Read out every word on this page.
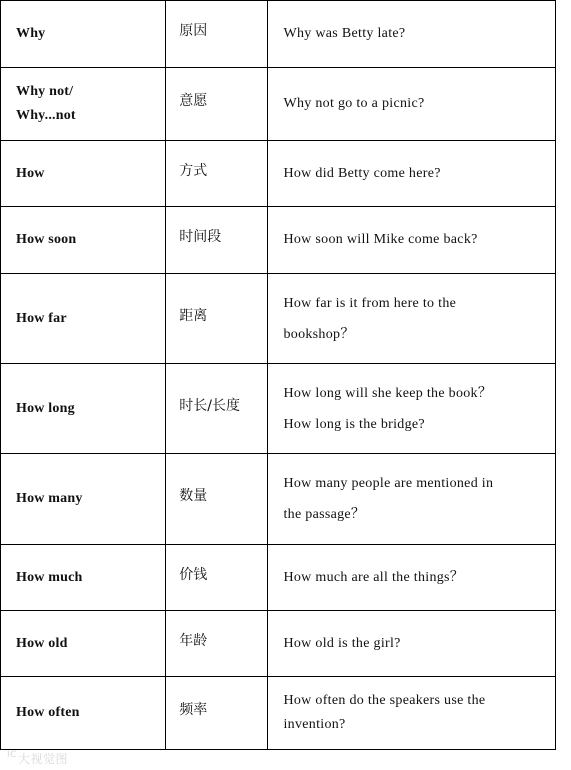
Why	原因	Why was Betty late?

Why not/
Why...not	意愿	Why not go to a picnic?

How	方式	How did Betty come here?

How soon	时间段	How soon will Mike come back?

How far	距离	How far is it from here to the
bookshop？

How long	时长/长度	How long will she keep the book？
How long is the bridge?

How many	数量	How many people are mentioned in
the passage？

How much	价钱	How much are all the things？

How old	年龄	How old is the girl?

How often	频率	How often do the speakers use the
invention?
$^{IC}$大视觉图
